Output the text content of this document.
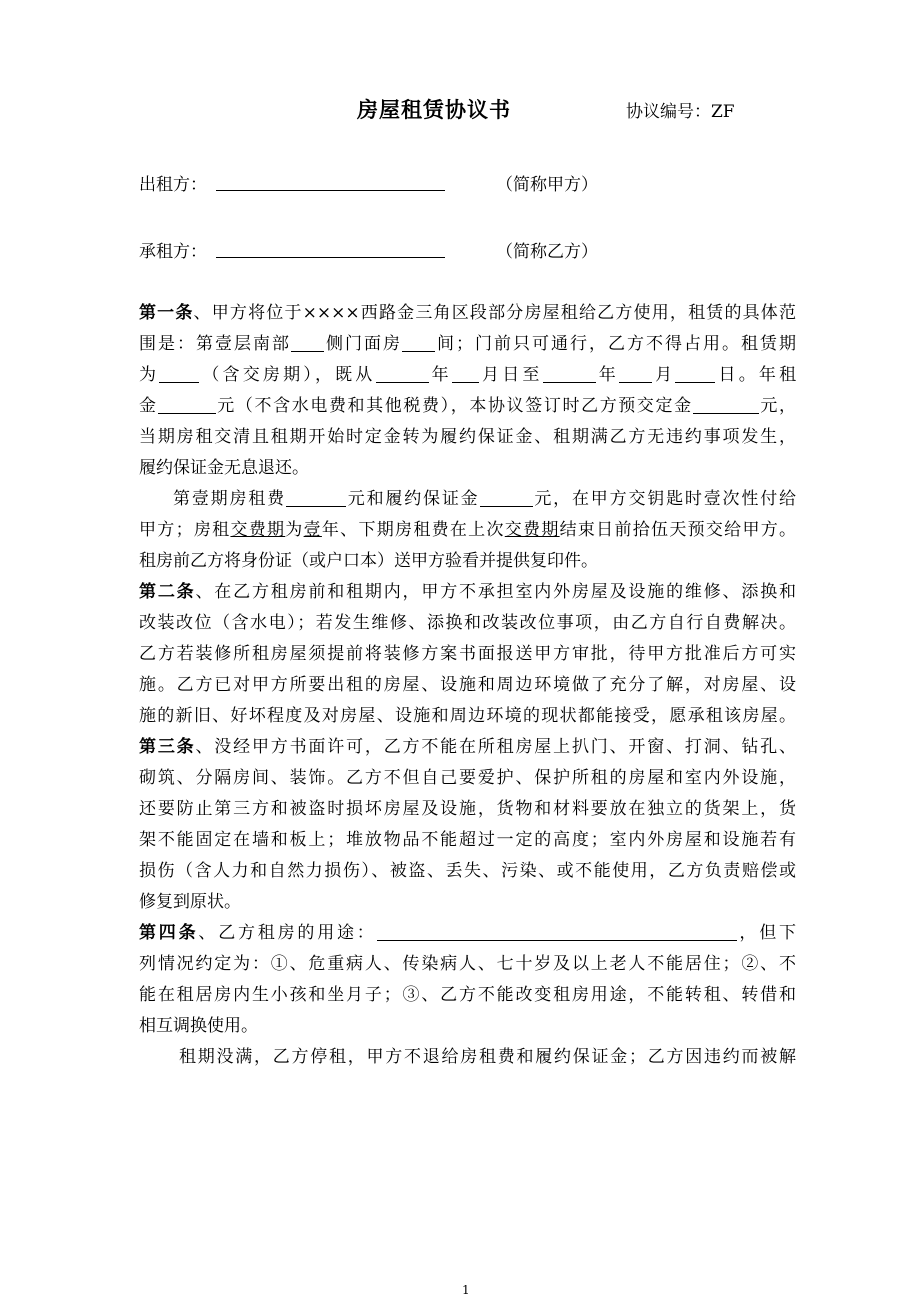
房屋租赁协议书	协议编号：ZF
出租方：	（简称甲方）
承租方：	（简称乙方）
第一条、甲方将位于××××西路金三角区段部分房屋租给乙方使用，租赁的具体范
围是：第壹层南部 侧门面房 间；门前只可通行，乙方不得占用。租赁期
为 （含交房期），既从	年 月日至	年 月 日。年租
金	元（不含水电费和其他税费），本协议签订时乙方预交定金	元，
当期房租交清且租期开始时定金转为履约保证金、租期满乙方无违约事项发生，
履约保证金无息退还。
第壹期房租费	元和履约保证金	元，在甲方交钥匙时壹次性付给
甲方；房租交费期为壹年、下期房租费在上次交费期结束日前拾伍天预交给甲方。
租房前乙方将身份证（或户口本）送甲方验看并提供复印件。
第二条、在乙方租房前和租期内，甲方不承担室内外房屋及设施的维修、添换和
改装改位（含水电）；若发生维修、添换和改装改位事项，由乙方自行自费解决。
乙方若装修所租房屋须提前将装修方案书面报送甲方审批，待甲方批准后方可实
施。乙方已对甲方所要出租的房屋、设施和周边环境做了充分了解，对房屋、设
施的新旧、好坏程度及对房屋、设施和周边环境的现状都能接受，愿承租该房屋。
第三条、没经甲方书面许可，乙方不能在所租房屋上扒门、开窗、打洞、钻孔、
砌筑、分隔房间、装饰。乙方不但自己要爱护、保护所租的房屋和室内外设施，
还要防止第三方和被盗时损坏房屋及设施，货物和材料要放在独立的货架上，货
架不能固定在墙和板上；堆放物品不能超过一定的高度；室内外房屋和设施若有
损伤（含人力和自然力损伤）、被盗、丢失、污染、或不能使用，乙方负责赔偿或
修复到原状。
第四条、乙方租房的用途：	，但下
列情况约定为：①、危重病人、传染病人、七十岁及以上老人不能居住；②、不
能在租居房内生小孩和坐月子；③、乙方不能改变租房用途，不能转租、转借和
相互调换使用。
租期没满，乙方停租，甲方不退给房租费和履约保证金；乙方因违约而被解
1
